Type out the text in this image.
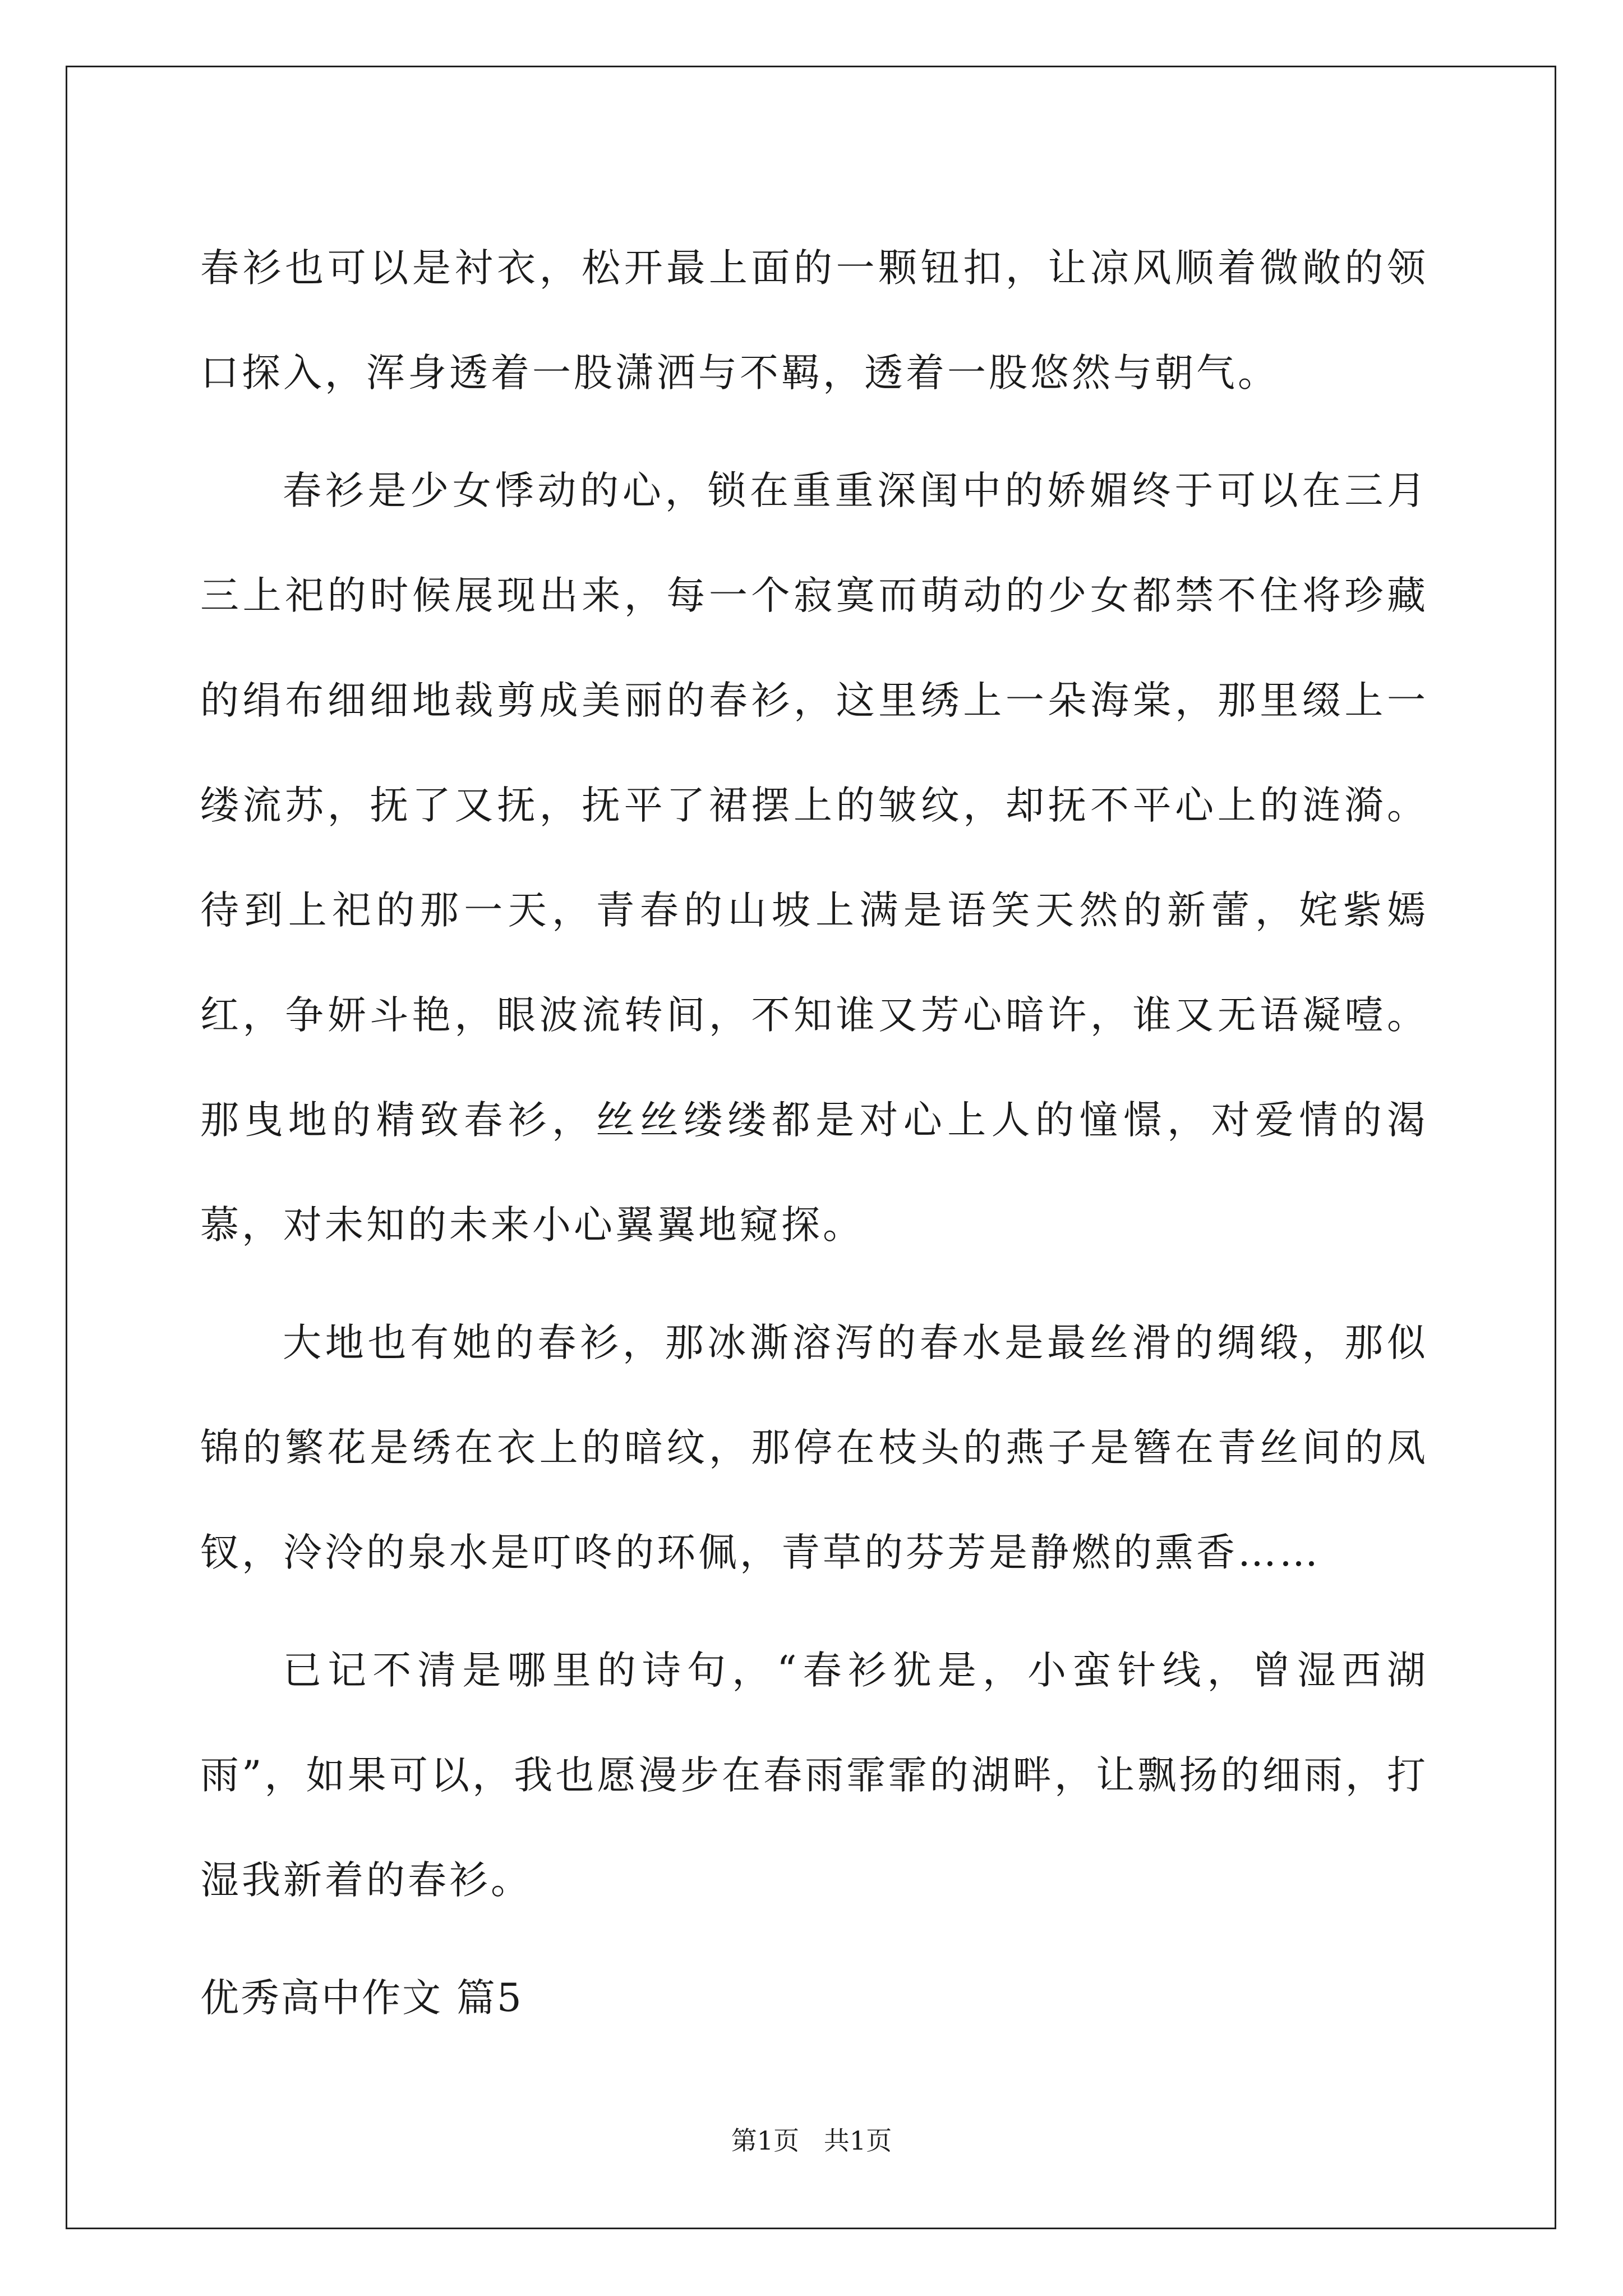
春衫也可以是衬衣，松开最上面的一颗钮扣，让凉风顺着微敞的领口探入，浑身透着一股潇洒与不羁，透着一股悠然与朝气。

春衫是少女悸动的心，锁在重重深闺中的娇媚终于可以在三月三上祀的时候展现出来，每一个寂寞而萌动的少女都禁不住将珍藏的绢布细细地裁剪成美丽的春衫，这里绣上一朵海棠，那里缀上一缕流苏，抚了又抚，抚平了裙摆上的皱纹，却抚不平心上的涟漪。待到上祀的那一天，青春的山坡上满是语笑天然的新蕾，姹紫嫣红，争妍斗艳，眼波流转间，不知谁又芳心暗许，谁又无语凝噎。那曳地的精致春衫，丝丝缕缕都是对心上人的憧憬，对爱情的渴慕，对未知的未来小心翼翼地窥探。

大地也有她的春衫，那冰澌溶泻的春水是最丝滑的绸缎，那似锦的繁花是绣在衣上的暗纹，那停在枝头的燕子是簪在青丝间的凤钗，泠泠的泉水是叮咚的环佩，青草的芬芳是静燃的熏香……

已记不清是哪里的诗句，“春衫犹是，小蛮针线，曾湿西湖雨”，如果可以，我也愿漫步在春雨霏霏的湖畔，让飘扬的细雨，打湿我新着的春衫。

优秀高中作文 篇5

第1页   共1页
